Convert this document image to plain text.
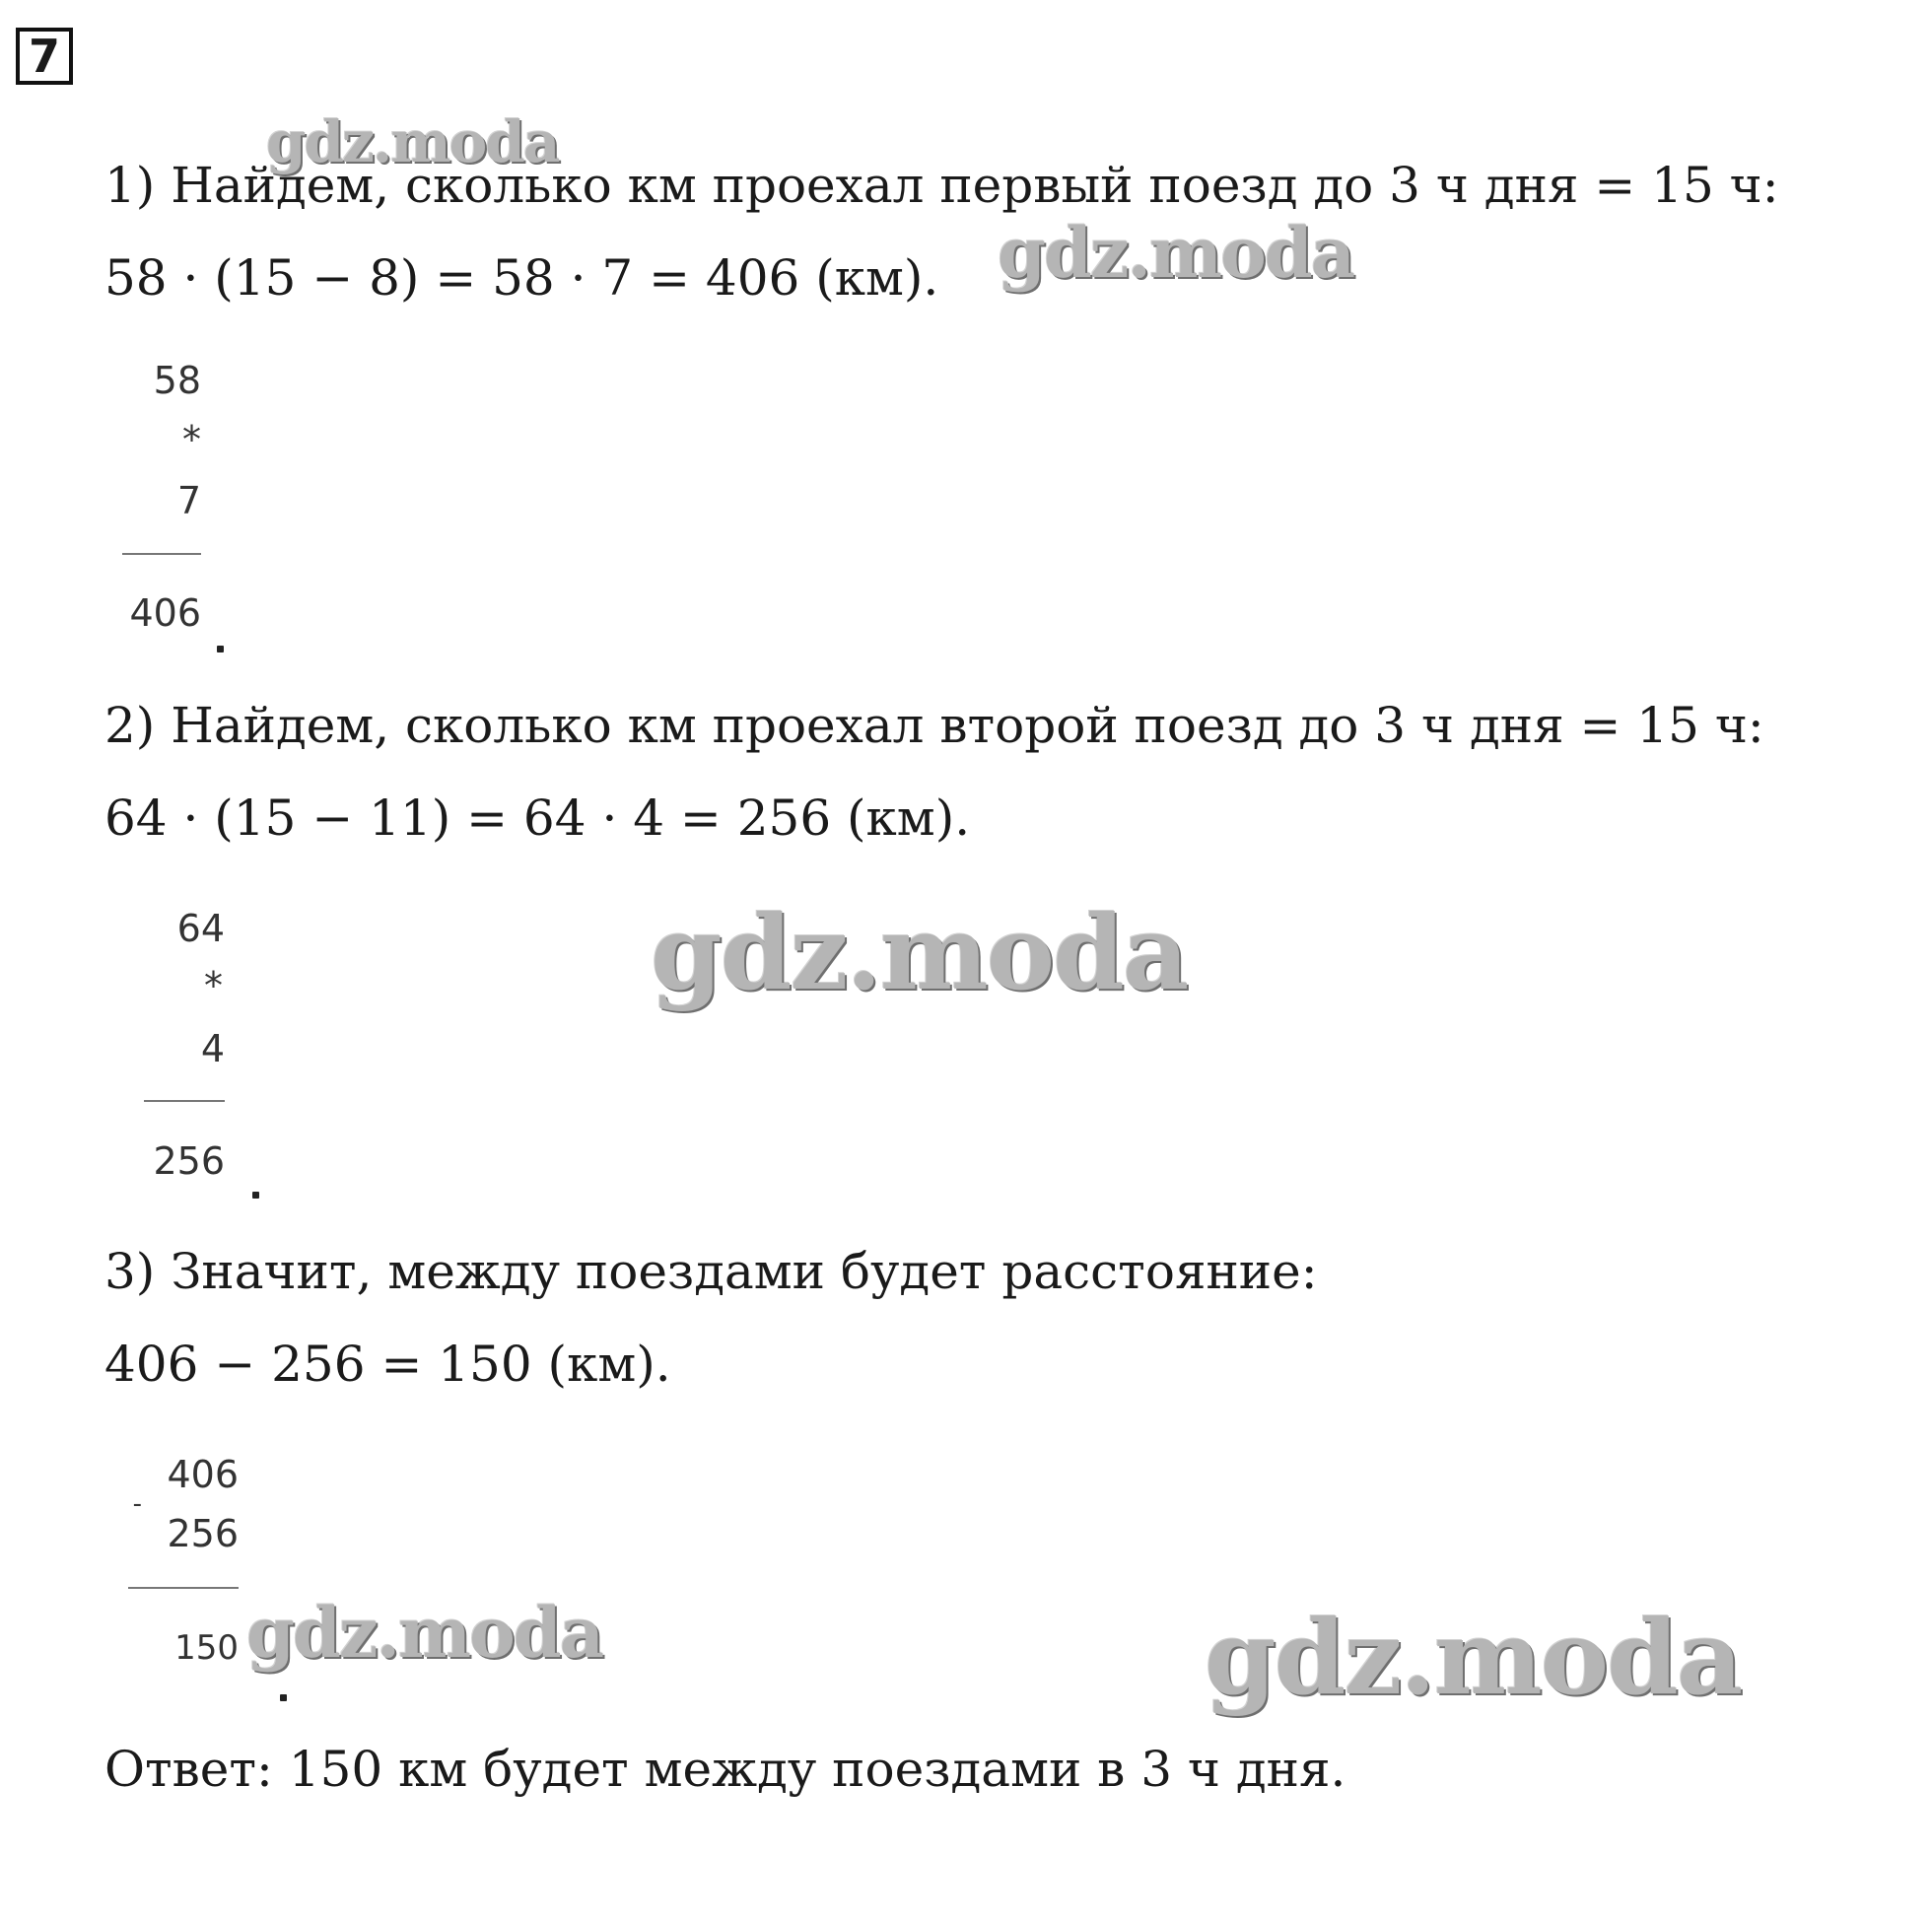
7
1) Найдем, сколько км проехал первый поезд до 3 ч дня = 15 ч:
58 · (15 − 8) = 58 · 7 = 406 (км).
58
*
7
406
2) Найдем, сколько км проехал второй поезд до 3 ч дня = 15 ч:
64 · (15 − 11) = 64 · 4 = 256 (км).
64
*
4
256
3) Значит, между поездами будет расстояние:
406 − 256 = 150 (км).
406
-
256
150
Ответ: 150 км будет между поездами в 3 ч дня.
gdz.moda
gdz.moda
gdz.moda
gdz.moda	gdz.moda
